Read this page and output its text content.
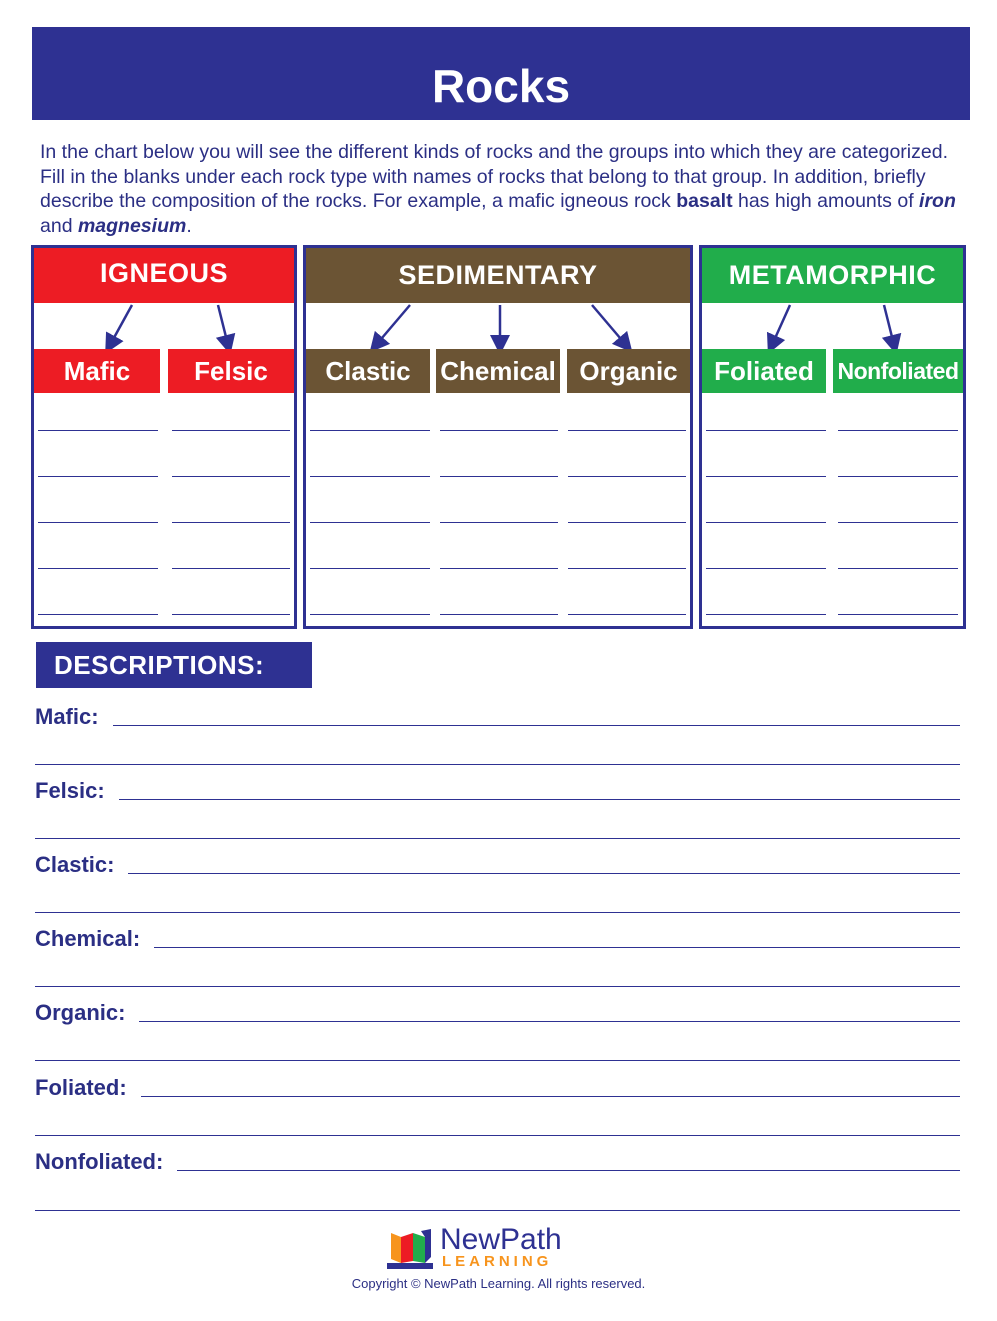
Rocks
In the chart below you will see the different kinds of rocks and the groups into which they are categorized. Fill in the blanks under each rock type with names of rocks that belong to that group. In addition, briefly describe the composition of the rocks. For example, a mafic igneous rock basalt has high amounts of iron and magnesium.
IGNEOUS
Mafic	Felsic
SEDIMENTARY
Clastic	Chemical Organic
METAMORPHIC
Foliated	Nonfoliated
DESCRIPTIONS:
Mafic:
Felsic:
Clastic:
Chemical:
Organic:
Foliated:
Nonfoliated:
NewPath
LEARNING
Copyright © NewPath Learning. All rights reserved.
